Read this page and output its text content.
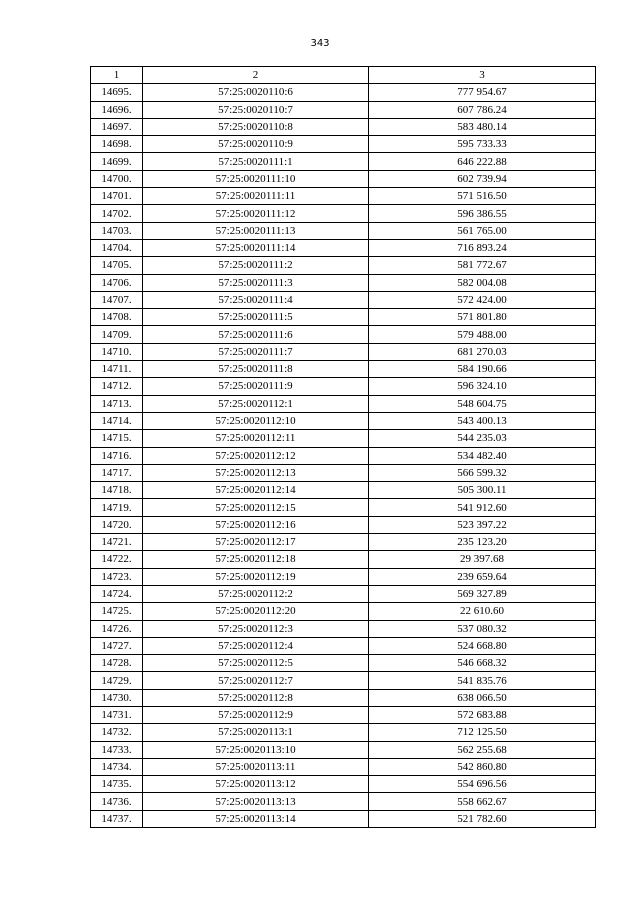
343
1	2	3
14695.	57:25:0020110:6	777 954.67
14696.	57:25:0020110:7	607 786.24
14697.	57:25:0020110:8	583 480.14
14698.	57:25:0020110:9	595 733.33
14699.	57:25:0020111:1	646 222.88
14700.	57:25:0020111:10	602 739.94
14701.	57:25:0020111:11	571 516.50
14702.	57:25:0020111:12	596 386.55
14703.	57:25:0020111:13	561 765.00
14704.	57:25:0020111:14	716 893.24
14705.	57:25:0020111:2	581 772.67
14706.	57:25:0020111:3	582 004.08
14707.	57:25:0020111:4	572 424.00
14708.	57:25:0020111:5	571 801.80
14709.	57:25:0020111:6	579 488.00
14710.	57:25:0020111:7	681 270.03
14711.	57:25:0020111:8	584 190.66
14712.	57:25:0020111:9	596 324.10
14713.	57:25:0020112:1	548 604.75
14714.	57:25:0020112:10	543 400.13
14715.	57:25:0020112:11	544 235.03
14716.	57:25:0020112:12	534 482.40
14717.	57:25:0020112:13	566 599.32
14718.	57:25:0020112:14	505 300.11
14719.	57:25:0020112:15	541 912.60
14720.	57:25:0020112:16	523 397.22
14721.	57:25:0020112:17	235 123.20
14722.	57:25:0020112:18	29 397.68
14723.	57:25:0020112:19	239 659.64
14724.	57:25:0020112:2	569 327.89
14725.	57:25:0020112:20	22 610.60
14726.	57:25:0020112:3	537 080.32
14727.	57:25:0020112:4	524 668.80
14728.	57:25:0020112:5	546 668.32
14729.	57:25:0020112:7	541 835.76
14730.	57:25:0020112:8	638 066.50
14731.	57:25:0020112:9	572 683.88
14732.	57:25:0020113:1	712 125.50
14733.	57:25:0020113:10	562 255.68
14734.	57:25:0020113:11	542 860.80
14735.	57:25:0020113:12	554 696.56
14736.	57:25:0020113:13	558 662.67
14737.	57:25:0020113:14	521 782.60
